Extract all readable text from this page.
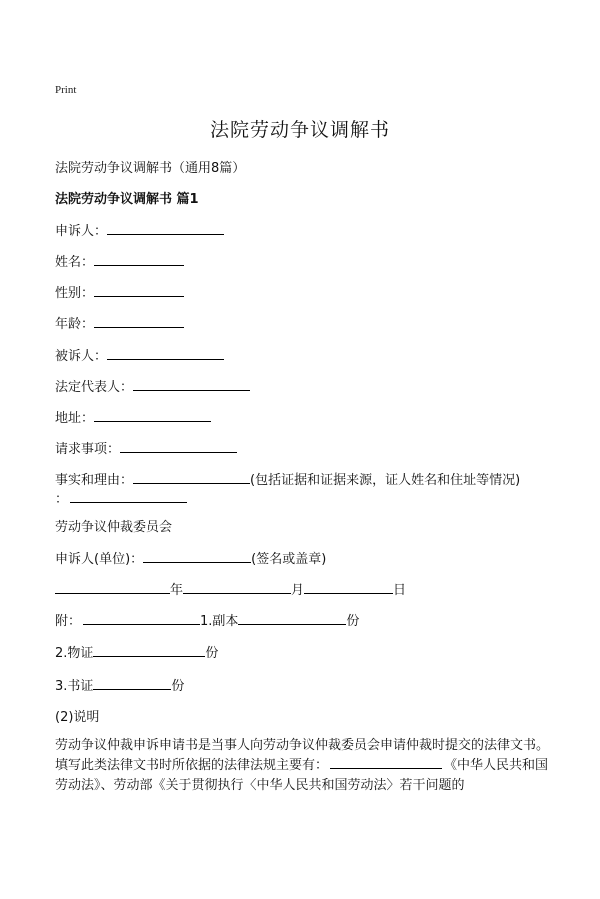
Print
法院劳动争议调解书
法院劳动争议调解书（通用8篇）
法院劳动争议调解书 篇1
申诉人：
姓名：
性别：
年龄：
被诉人：
法定代表人：
地址：
请求事项：
事实和理由：	(包括证据和证据来源，证人姓名和住址等情况)
：
劳动争议仲裁委员会
申诉人(单位)：	(签名或盖章)
年	月	日
附：	1.副本	份
2.物证	份
3.书证	份
(2)说明
劳动争议仲裁申诉申请书是当事人向劳动争议仲裁委员会申请仲裁时提交的法律文书。填写此类法律文书时所依据的法律法规主要有：	《中华人民共和国劳动法》、劳动部《关于贯彻执行〈中华人民共和国劳动法〉若干问题的
